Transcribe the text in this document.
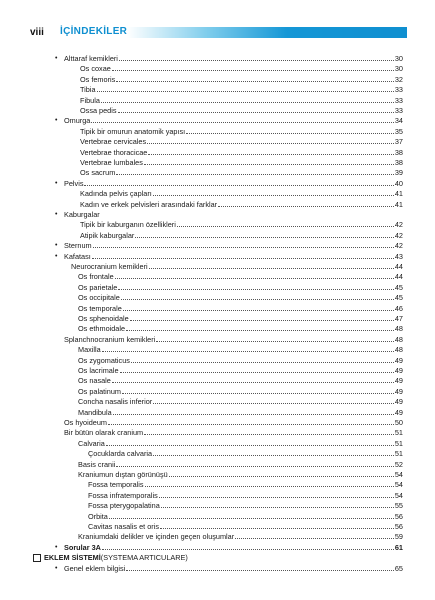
viii İÇİNDEKİLER
• Alttaraf kemikleri	30
Os coxae	30
Os femoris	32
Tibia	33
Fibula	33
Ossa pedis	33
• Omurga	34
Tipik bir omurun anatomik yapısı	35
Vertebrae cervicales	37
Vertebrae thoracicae	38
Vertebrae lumbales	38
Os sacrum	39
• Pelvis	40
Kadında pelvis çapları	41
Kadın ve erkek pelvisleri arasındaki farklar	41
• Kaburgalar
Tipik bir kaburganın özellikleri	42
Atipik kaburgalar	42
• Sternum	42
• Kafatası	43
Neurocranium kemikleri	44
Os frontale	44
Os parietale	45
Os occipitale	45
Os temporale	46
Os sphenoidale	47
Os ethmoidale	48
Splanchnocranium kemikleri	48
Maxilla	48
Os zygomaticus	49
Os lacrimale	49
Os nasale	49
Os palatinum	49
Concha nasalis inferior	49
Mandibula	49
Os hyoideum	50
Bir bütün olarak cranium	51
Calvaria	51
Çocuklarda calvaria	51
Basis cranii	52
Kraniumun dıştan görünüşü	54
Fossa temporalis	54
Fossa infratemporalis	54
Fossa pterygopalatina	55
Orbita	56
Cavitas nasalis et oris	56
Kraniumdaki delikler ve içinden geçen oluşumlar	59
• Sorular 3A	61
EKLEM SİSTEMİ (SYSTEMA ARTICULARE)
• Genel eklem bilgisi	65
